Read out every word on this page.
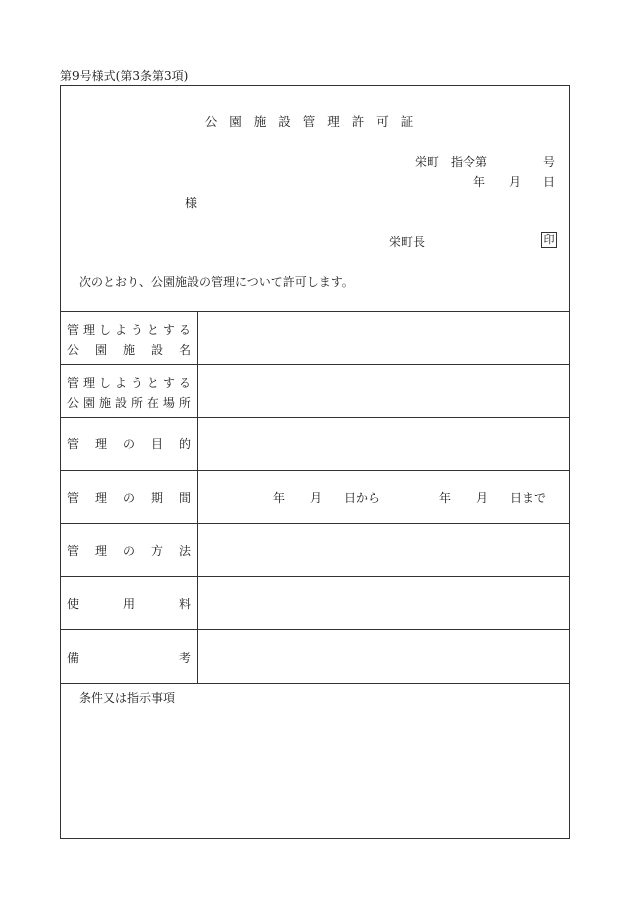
第9号様式(第3条第3項)
公園施設管理許可証
栄町　指令第	号
年 月 日
様
栄町長	印
次のとおり、公園施設の管理について許可します。
管 理 し よ う と す る
公 園 施 設 名
管 理 し よ う と す る
公 園 施 設 所 在 場 所
管 理 の 目 的
管 理 の 期 間	年 月 日から	年 月 日まで
管 理 の 方 法
使	用	料
備	考
条件又は指示事項
